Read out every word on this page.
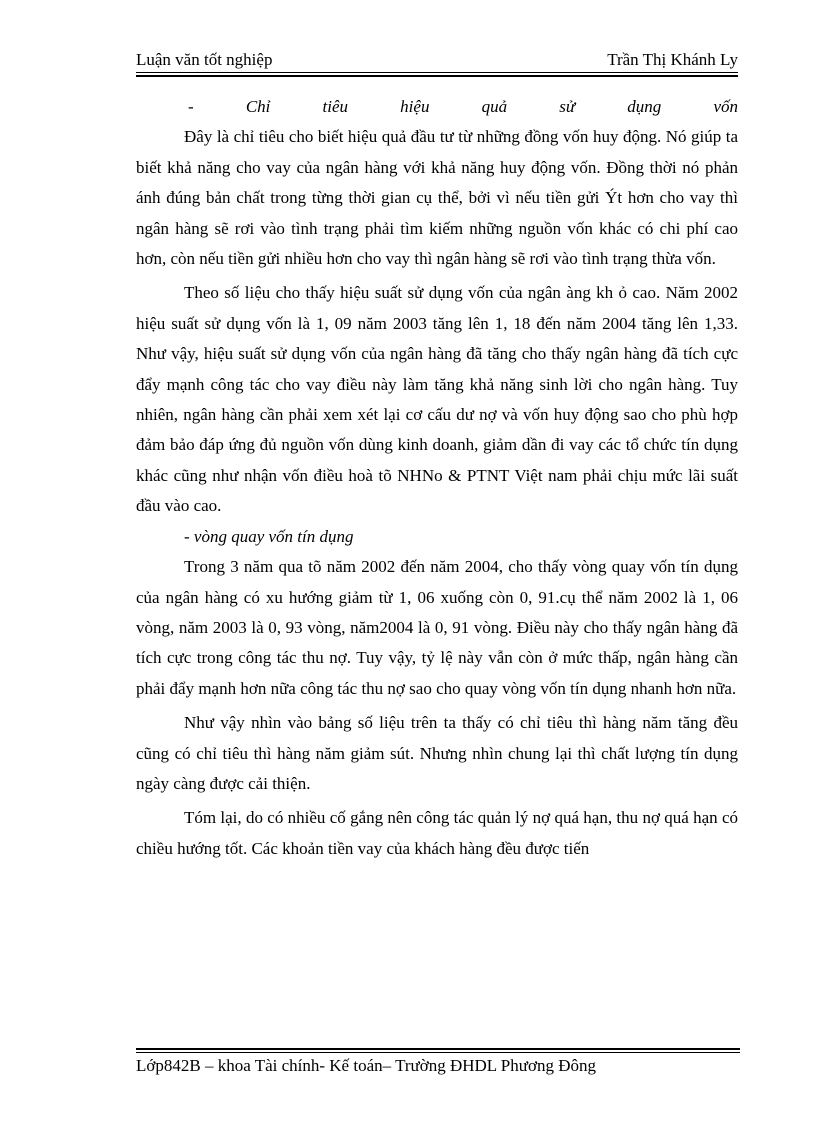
Luận văn tốt nghiệp	Trần Thị Khánh Ly

- Chỉ tiêu hiệu quả sử dụng vốn

Đây là chỉ tiêu cho biết hiệu quả đầu tư từ những đồng vốn huy động. Nó giúp ta biết khả năng cho vay của ngân hàng với khả năng huy động vốn. Đồng thời nó phản ánh đúng bản chất trong từng thời gian cụ thể, bởi vì nếu tiền gửi Ýt hơn cho vay thì ngân hàng sẽ rơi vào tình trạng phải tìm kiếm những nguồn vốn khác có chi phí cao hơn, còn nếu tiền gửi nhiều hơn cho vay thì ngân hàng sẽ rơi vào tình trạng thừa vốn.

Theo số liệu cho thấy hiệu suất sử dụng vốn của ngân àng kh ỏ cao. Năm 2002 hiệu suất sử dụng vốn là 1, 09 năm 2003 tăng lên 1, 18 đến năm 2004 tăng lên 1,33. Như vậy, hiệu suất sử dụng vốn của ngân hàng đã tăng cho thấy ngân hàng đã tích cực đẩy mạnh công tác cho vay điều này làm tăng khả năng sinh lời cho ngân hàng. Tuy nhiên, ngân hàng cần phải xem xét lại cơ cấu dư nợ và vốn huy động sao cho phù hợp đảm bảo đáp ứng đủ nguồn vốn dùng kinh doanh, giảm dần đi vay các tổ chức tín dụng khác cũng như nhận vốn điều hoà tõ NHNo & PTNT Việt nam phải chịu mức lãi suất đầu vào cao.

- vòng quay vốn tín dụng

Trong 3 năm qua tõ năm 2002 đến năm 2004, cho thấy vòng quay vốn tín dụng của ngân hàng có xu hướng giảm từ 1, 06 xuống còn 0, 91.cụ thể năm 2002 là 1, 06 vòng, năm 2003 là 0, 93 vòng, năm2004 là 0, 91 vòng. Điều này cho thấy ngân hàng đã tích cực trong công tác thu nợ. Tuy vậy, tỷ lệ này vẫn còn ở mức thấp, ngân hàng cần phải đẩy mạnh hơn nữa công tác thu nợ sao cho quay vòng vốn tín dụng nhanh hơn nữa.

Như vậy nhìn vào bảng số liệu trên ta thấy có chỉ tiêu thì hàng năm tăng đều cũng có chỉ tiêu thì hàng năm giảm sút. Nhưng nhìn chung lại thì chất lượng tín dụng ngày càng được cải thiện.

Tóm lại, do có nhiều cố gắng nên công tác quản lý nợ quá hạn, thu nợ quá hạn có chiều hướng tốt. Các khoản tiền vay của khách hàng đều được tiến

Lớp842B – khoa Tài chính- Kế toán– Trường ĐHDL Phương Đông
